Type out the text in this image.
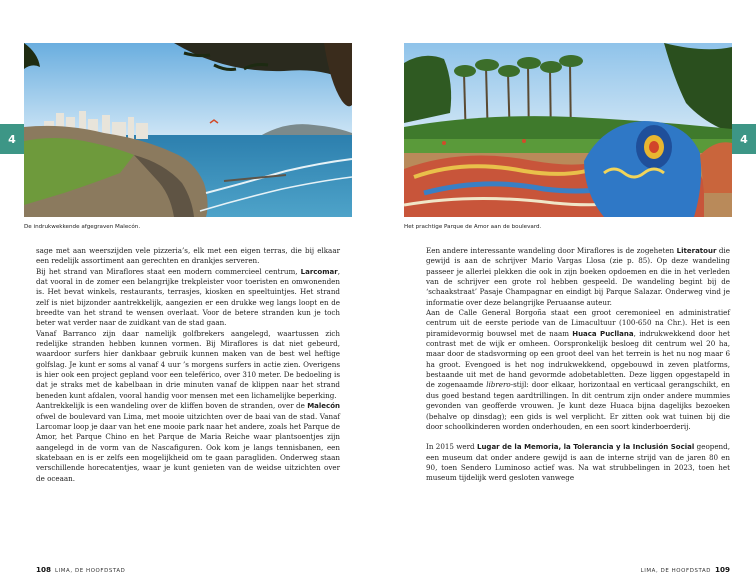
De indrukwekkende afgegraven Malecón.
4

sage met aan weerszijden vele pizzeria’s, elk met een eigen terras, die bij elkaar een redelijk assortiment aan gerechten en drankjes serveren.

Bij het strand van Miraflores staat een modern commercieel centrum, Larcomar, dat vooral in de zomer een belangrijke trekpleister voor toeristen en omwonenden is. Het bevat winkels, restaurants, terrasjes, kiosken en speeltuintjes. Het strand zelf is niet bijzonder aantrekkelijk, aangezien er een drukke weg langs loopt en de breedte van het strand te wensen overlaat. Voor de betere stranden kun je toch beter wat verder naar de zuidkant van de stad gaan.

Vanaf Barranco zijn daar namelijk golfbrekers aangelegd, waartussen zich redelijke stranden hebben kunnen vormen. Bij Miraflores is dat niet gebeurd, waardoor surfers hier dankbaar gebruik kunnen maken van de best wel heftige golfslag. Je kunt er soms al vanaf 4 uur ’s morgens surfers in actie zien. Overigens is hier ook een project gepland voor een teleférico, over 310 meter. De bedoeling is dat je straks met de kabelbaan in drie minuten vanaf de klippen naar het strand beneden kunt afdalen, vooral handig voor mensen met een lichamelijke beperking.

Aantrekkelijk is een wandeling over de kliffen boven de stranden, over de Malecón ofwel de boulevard van Lima, met mooie uitzichten over de baai van de stad. Vanaf Larcomar loop je daar van het ene mooie park naar het andere, zoals het Parque de Amor, het Parque Chino en het Parque de Maria Reiche waar plantsoentjes zijn aangelegd in de vorm van de Nascafiguren. Ook kom je langs tennisbanen, een skatebaan en is er zelfs een mogelijkheid om te gaan paragliden. Onderweg staan verschillende horecatentjes, waar je kunt genieten van de weidse uitzichten over de oceaan.

108 LIMA, DE HOOFDSTAD
Het prachtige Parque de Amor aan de boulevard.
4

Een andere interessante wandeling door Miraflores is de zogeheten Literatour die gewijd is aan de schrijver Mario Vargas Llosa (zie p. 85). Op deze wandeling passeer je allerlei plekken die ook in zijn boeken opdoemen en die in het verleden van de schrijver een grote rol hebben gespeeld. De wandeling begint bij de ‘schaakstraat’ Pasaje Champagnar en eindigt bij Parque Salazar. Onderweg vind je informatie over deze belangrijke Peruaanse auteur.

Aan de Calle General Borgoña staat een groot ceremonieel en administratief centrum uit de eerste periode van de Limacultuur (100-650 na Chr.). Het is een piramidevormig bouwsel met de naam Huaca Pucllana, indrukwekkend door het contrast met de wijk er omheen. Oorspronkelijk besloeg dit centrum wel 20 ha, maar door de stadsvorming op een groot deel van het terrein is het nu nog maar 6 ha groot. Evengoed is het nog indrukwekkend, opgebouwd in zeven platforms, bestaande uit met de hand gevormde adobetabletten. Deze liggen opgestapeld in de zogenaamde librero-stijl: door elkaar, horizontaal en verticaal gerangschikt, en dus goed bestand tegen aardtrillingen. In dit centrum zijn onder andere mummies gevonden van geofferde vrouwen. Je kunt deze Huaca bijna dagelijks bezoeken (behalve op dinsdag); een gids is wel verplicht. Er zitten ook wat tuinen bij die door schoolkinderen worden onderhouden, en een soort kinderboerderij.

In 2015 werd Lugar de la Memoria, la Tolerancia y la Inclusión Social geopend, een museum dat onder andere gewijd is aan de interne strijd van de jaren 80 en 90, toen Sendero Luminoso actief was. Na wat strubbelingen in 2023, toen het museum tijdelijk werd gesloten vanwege

LIMA, DE HOOFDSTAD 109
